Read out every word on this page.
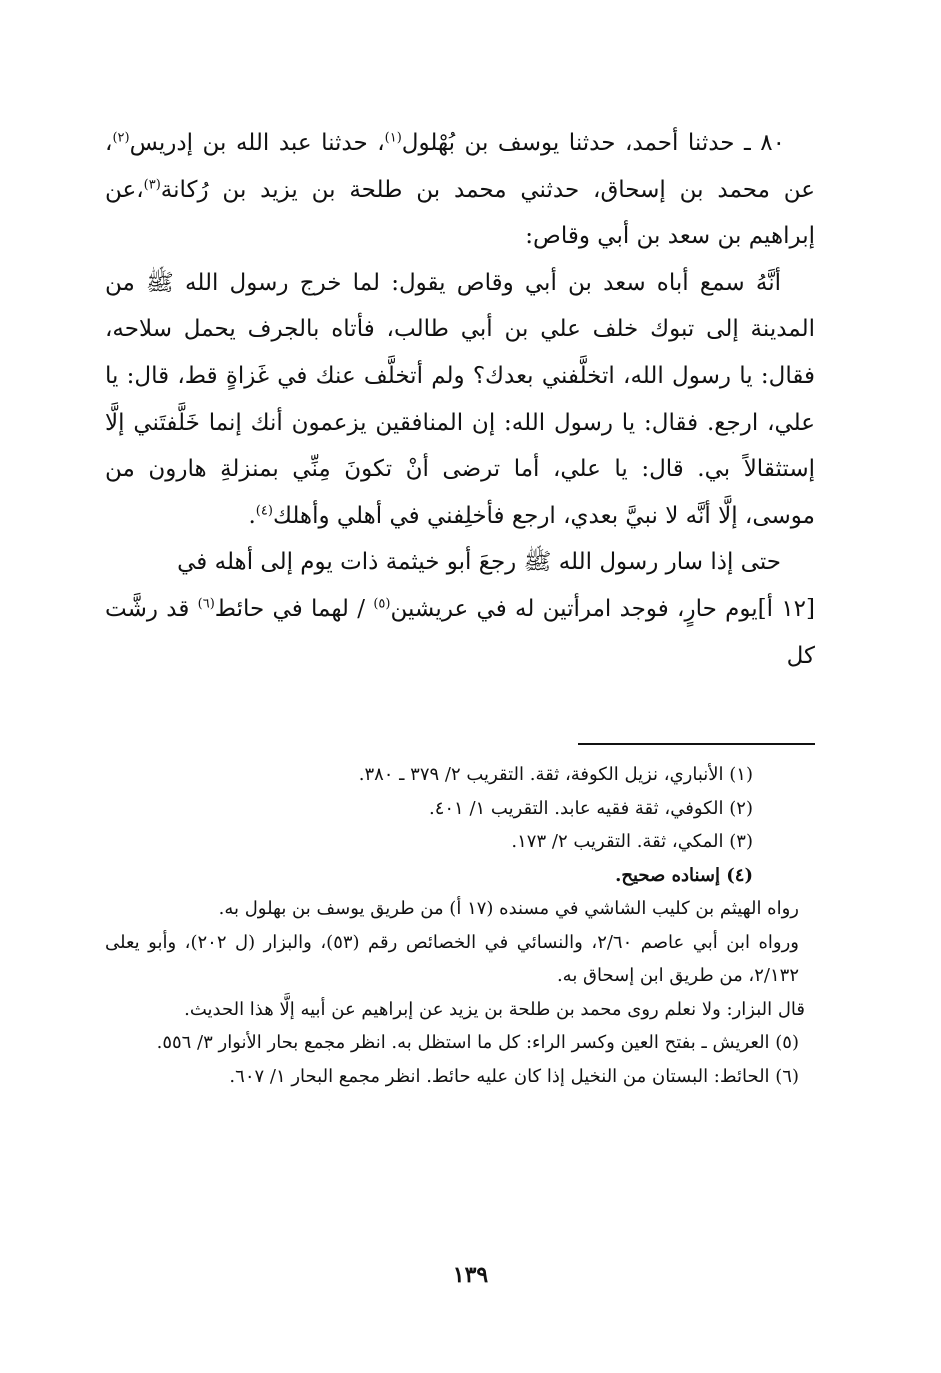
٨٠ ـ حدثنا أحمد، حدثنا يوسف بن بُهْلول$^{(١)}$، حدثنا عبد الله بن إدريس$^{(٢)}$، عن محمد بن إسحاق، حدثني محمد بن طلحة بن يزيد بن رُكانة$^{(٣)}$،عن إبراهيم بن سعد بن أبي وقاص:

أنَّهُ سمع أباه سعد بن أبي وقاص يقول: لما خرج رسول الله ﷺ من المدينة إلى تبوك خلف علي بن أبي طالب، فأتاه بالجرف يحمل سلاحه، فقال: يا رسول الله، اتخلَّفني بعدك؟ ولم أتخلَّف عنك في غَزاةٍ قط، قال: يا علي، ارجع. فقال: يا رسول الله: إن المنافقين يزعمون أنك إنما خَلَّفتَني إلَّا إستثقالاً بي. قال: يا علي، أما ترضى أنْ تكونَ مِنِّي بمنزلةِ هارون من موسى، إلَّا أنَّه لا نبيَّ بعدي، ارجع فأخلِفني في أهلي وأهلك$^{(٤)}$.

حتى إذا سار رسول الله ﷺ رجعَ أبو خيثمة ذات يوم إلى أهله في

[١٢ أ]يوم حارٍ، فوجد امرأتين له في عريشين$^{(٥)}$ / لهما في حائط$^{(٦)}$ قد رشَّت كل

(١) الأنباري، نزيل الكوفة، ثقة. التقريب ٢/ ٣٧٩ ـ ٣٨٠.

(٢) الكوفي، ثقة فقيه عابد. التقريب ١/ ٤٠١.

(٣) المكي، ثقة. التقريب ٢/ ١٧٣.

(٤) إسناده صحيح.

رواه الهيثم بن كليب الشاشي في مسنده (١٧ أ) من طريق يوسف بن بهلول به.

ورواه ابن أبي عاصم ٢/٦٠، والنسائي في الخصائص رقم (٥٣)، والبزار (ل ٢٠٢)، وأبو يعلى ٢/١٣٢، من طريق ابن إسحاق به.

قال البزار: ولا نعلم روى محمد بن طلحة بن يزيد عن إبراهيم عن أبيه إلَّا هذا الحديث.

(٥) العريش ـ بفتح العين وكسر الراء: كل ما استظل به. انظر مجمع بحار الأنوار ٣/ ٥٥٦.

(٦) الحائط: البستان من النخيل إذا كان عليه حائط. انظر مجمع البحار ١/ ٦٠٧.

١٣٩
